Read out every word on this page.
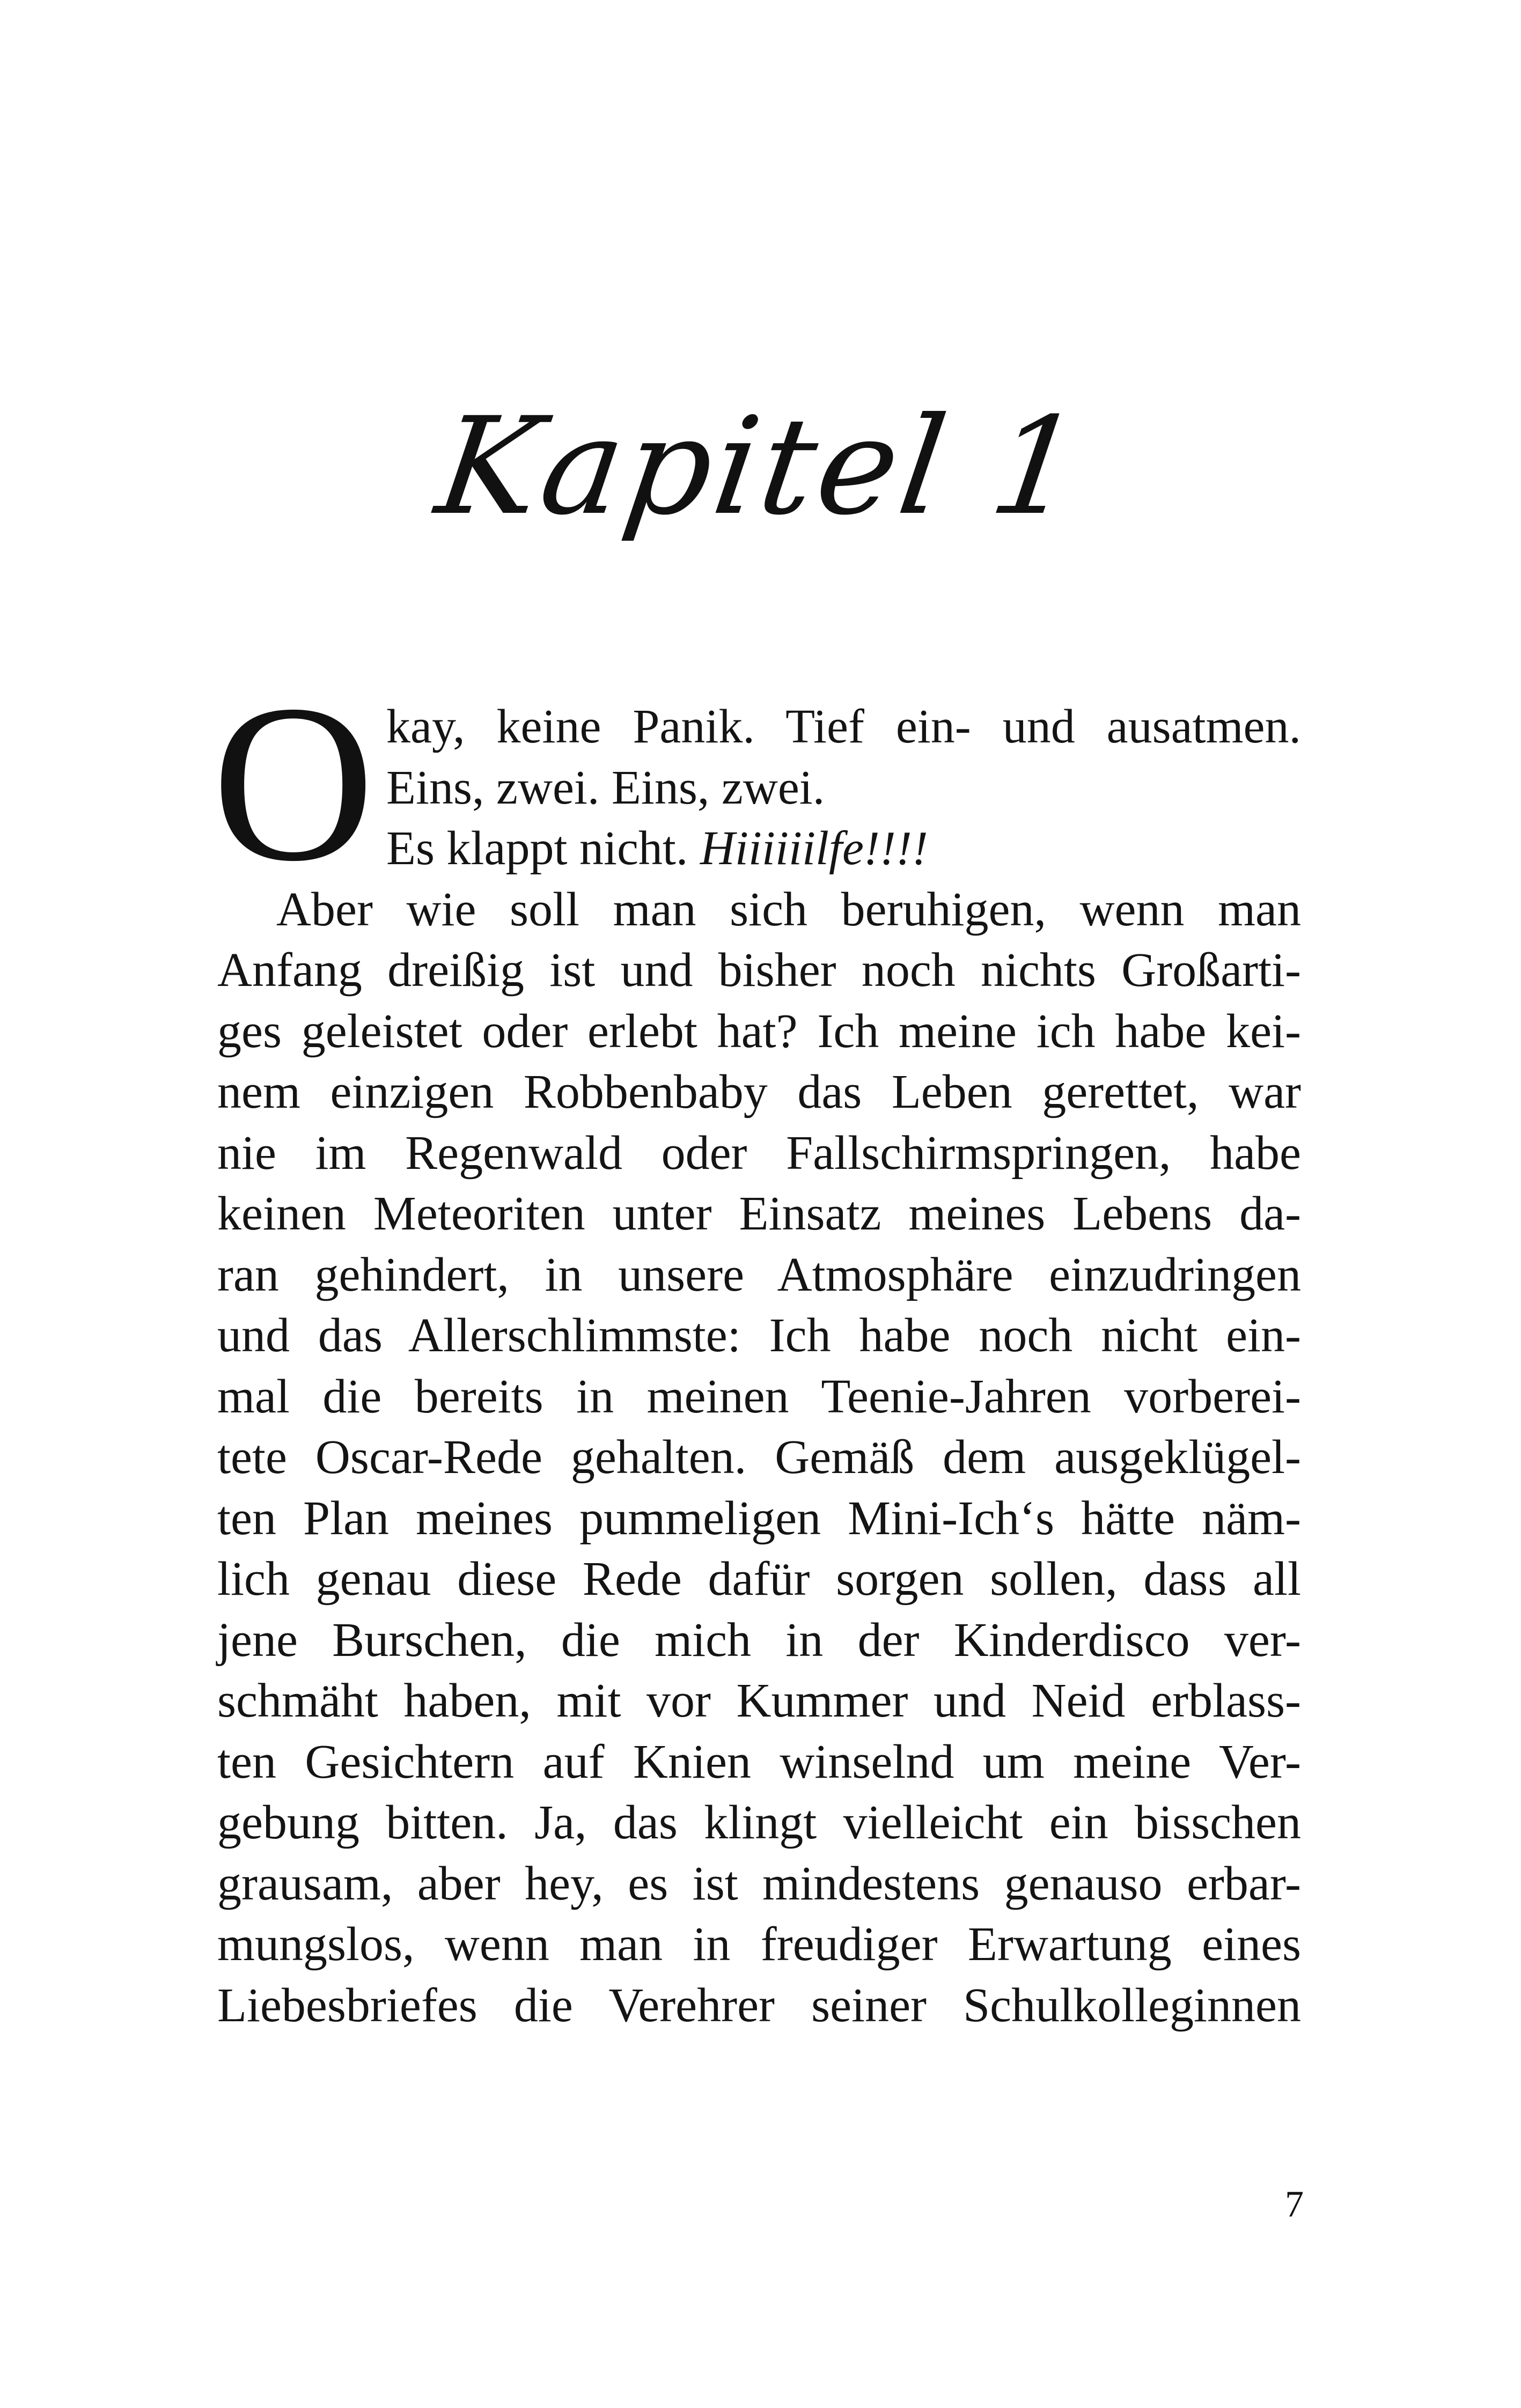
Kapitel 1
O kay, keine Panik. Tief ein- und ausatmen.
Eins, zwei. Eins, zwei.
Es klappt nicht. Hiiiiiilfe!!!!
Aber wie soll man sich beruhigen, wenn man
Anfang dreißig ist und bisher noch nichts Großarti-
ges geleistet oder erlebt hat? Ich meine ich habe kei-
nem einzigen Robbenbaby das Leben gerettet, war
nie im Regenwald oder Fallschirmspringen, habe
keinen Meteoriten unter Einsatz meines Lebens da-
ran gehindert, in unsere Atmosphäre einzudringen
und das Allerschlimmste: Ich habe noch nicht ein-
mal die bereits in meinen Teenie-Jahren vorberei-
tete Oscar-Rede gehalten. Gemäß dem ausgeklügel-
ten Plan meines pummeligen Mini-Ich‘s hätte näm-
lich genau diese Rede dafür sorgen sollen, dass all
jene Burschen, die mich in der Kinderdisco ver-
schmäht haben, mit vor Kummer und Neid erblass-
ten Gesichtern auf Knien winselnd um meine Ver-
gebung bitten. Ja, das klingt vielleicht ein bisschen
grausam, aber hey, es ist mindestens genauso erbar-
mungslos, wenn man in freudiger Erwartung eines
Liebesbriefes die Verehrer seiner Schulkolleginnen
7
